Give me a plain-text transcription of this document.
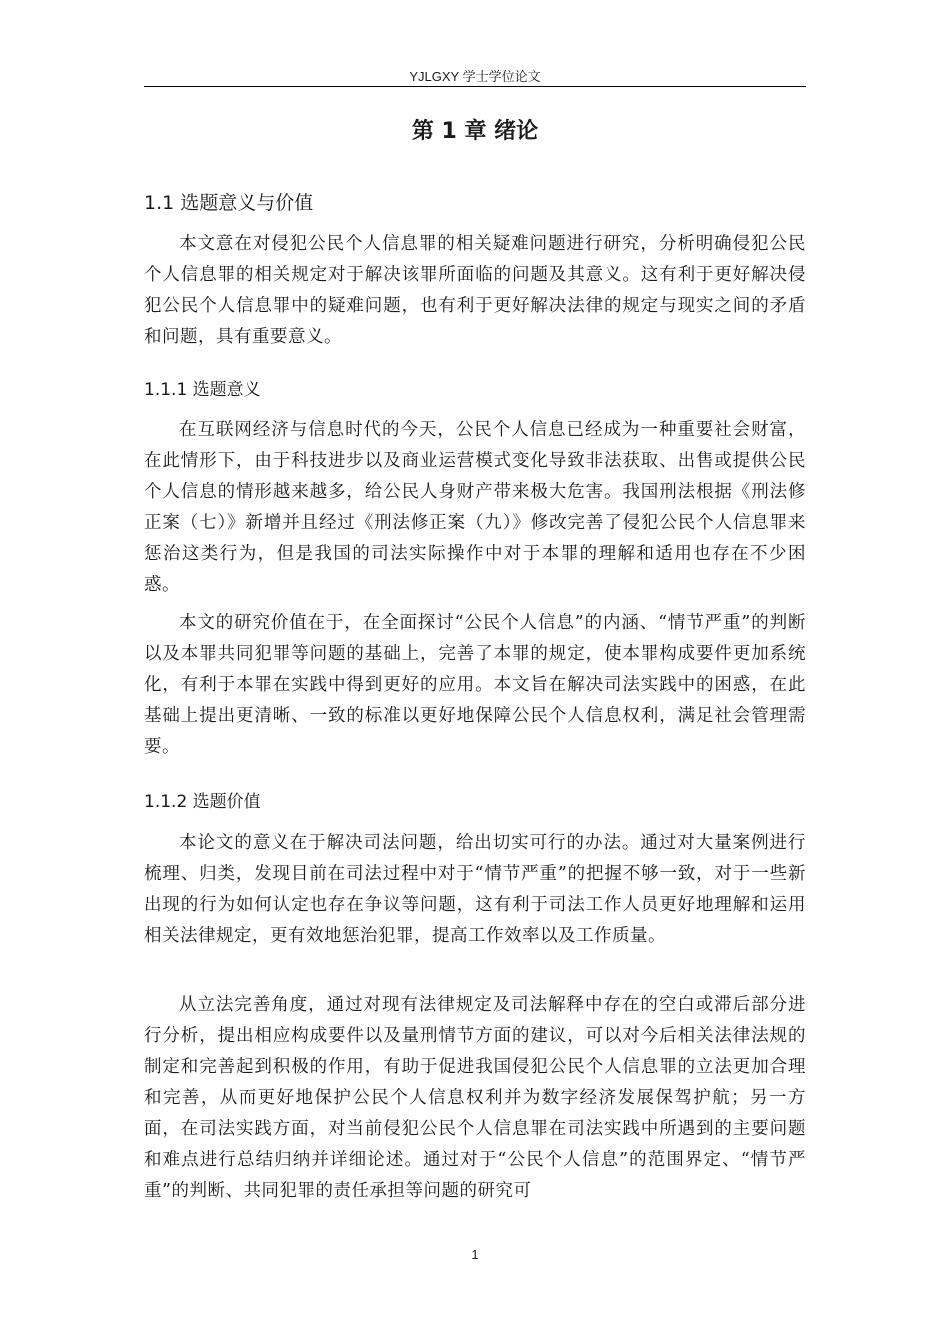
YJLGXY 学士学位论文
第 1 章 绪论
1.1 选题意义与价值

本文意在对侵犯公民个人信息罪的相关疑难问题进行研究，分析明确侵犯公民个人信息罪的相关规定对于解决该罪所面临的问题及其意义。这有利于更好解决侵犯公民个人信息罪中的疑难问题，也有利于更好解决法律的规定与现实之间的矛盾和问题，具有重要意义。

1.1.1 选题意义

在互联网经济与信息时代的今天，公民个人信息已经成为一种重要社会财富，在此情形下，由于科技进步以及商业运营模式变化导致非法获取、出售或提供公民个人信息的情形越来越多，给公民人身财产带来极大危害。我国刑法根据《刑法修正案（七）》新增并且经过《刑法修正案（九）》修改完善了侵犯公民个人信息罪来惩治这类行为，但是我国的司法实际操作中对于本罪的理解和适用也存在不少困惑。

本文的研究价值在于，在全面探讨“公民个人信息”的内涵、“情节严重”的判断以及本罪共同犯罪等问题的基础上，完善了本罪的规定，使本罪构成要件更加系统化，有利于本罪在实践中得到更好的应用。本文旨在解决司法实践中的困惑，在此基础上提出更清晰、一致的标准以更好地保障公民个人信息权利，满足社会管理需要。

1.1.2 选题价值

本论文的意义在于解决司法问题，给出切实可行的办法。通过对大量案例进行梳理、归类，发现目前在司法过程中对于“情节严重”的把握不够一致，对于一些新出现的行为如何认定也存在争议等问题，这有利于司法工作人员更好地理解和运用相关法律规定，更有效地惩治犯罪，提高工作效率以及工作质量。

从立法完善角度，通过对现有法律规定及司法解释中存在的空白或滞后部分进行分析，提出相应构成要件以及量刑情节方面的建议，可以对今后相关法律法规的制定和完善起到积极的作用，有助于促进我国侵犯公民个人信息罪的立法更加合理和完善，从而更好地保护公民个人信息权利并为数字经济发展保驾护航；另一方面，在司法实践方面，对当前侵犯公民个人信息罪在司法实践中所遇到的主要问题和难点进行总结归纳并详细论述。通过对于“公民个人信息”的范围界定、“情节严重”的判断、共同犯罪的责任承担等问题的研究可

1
